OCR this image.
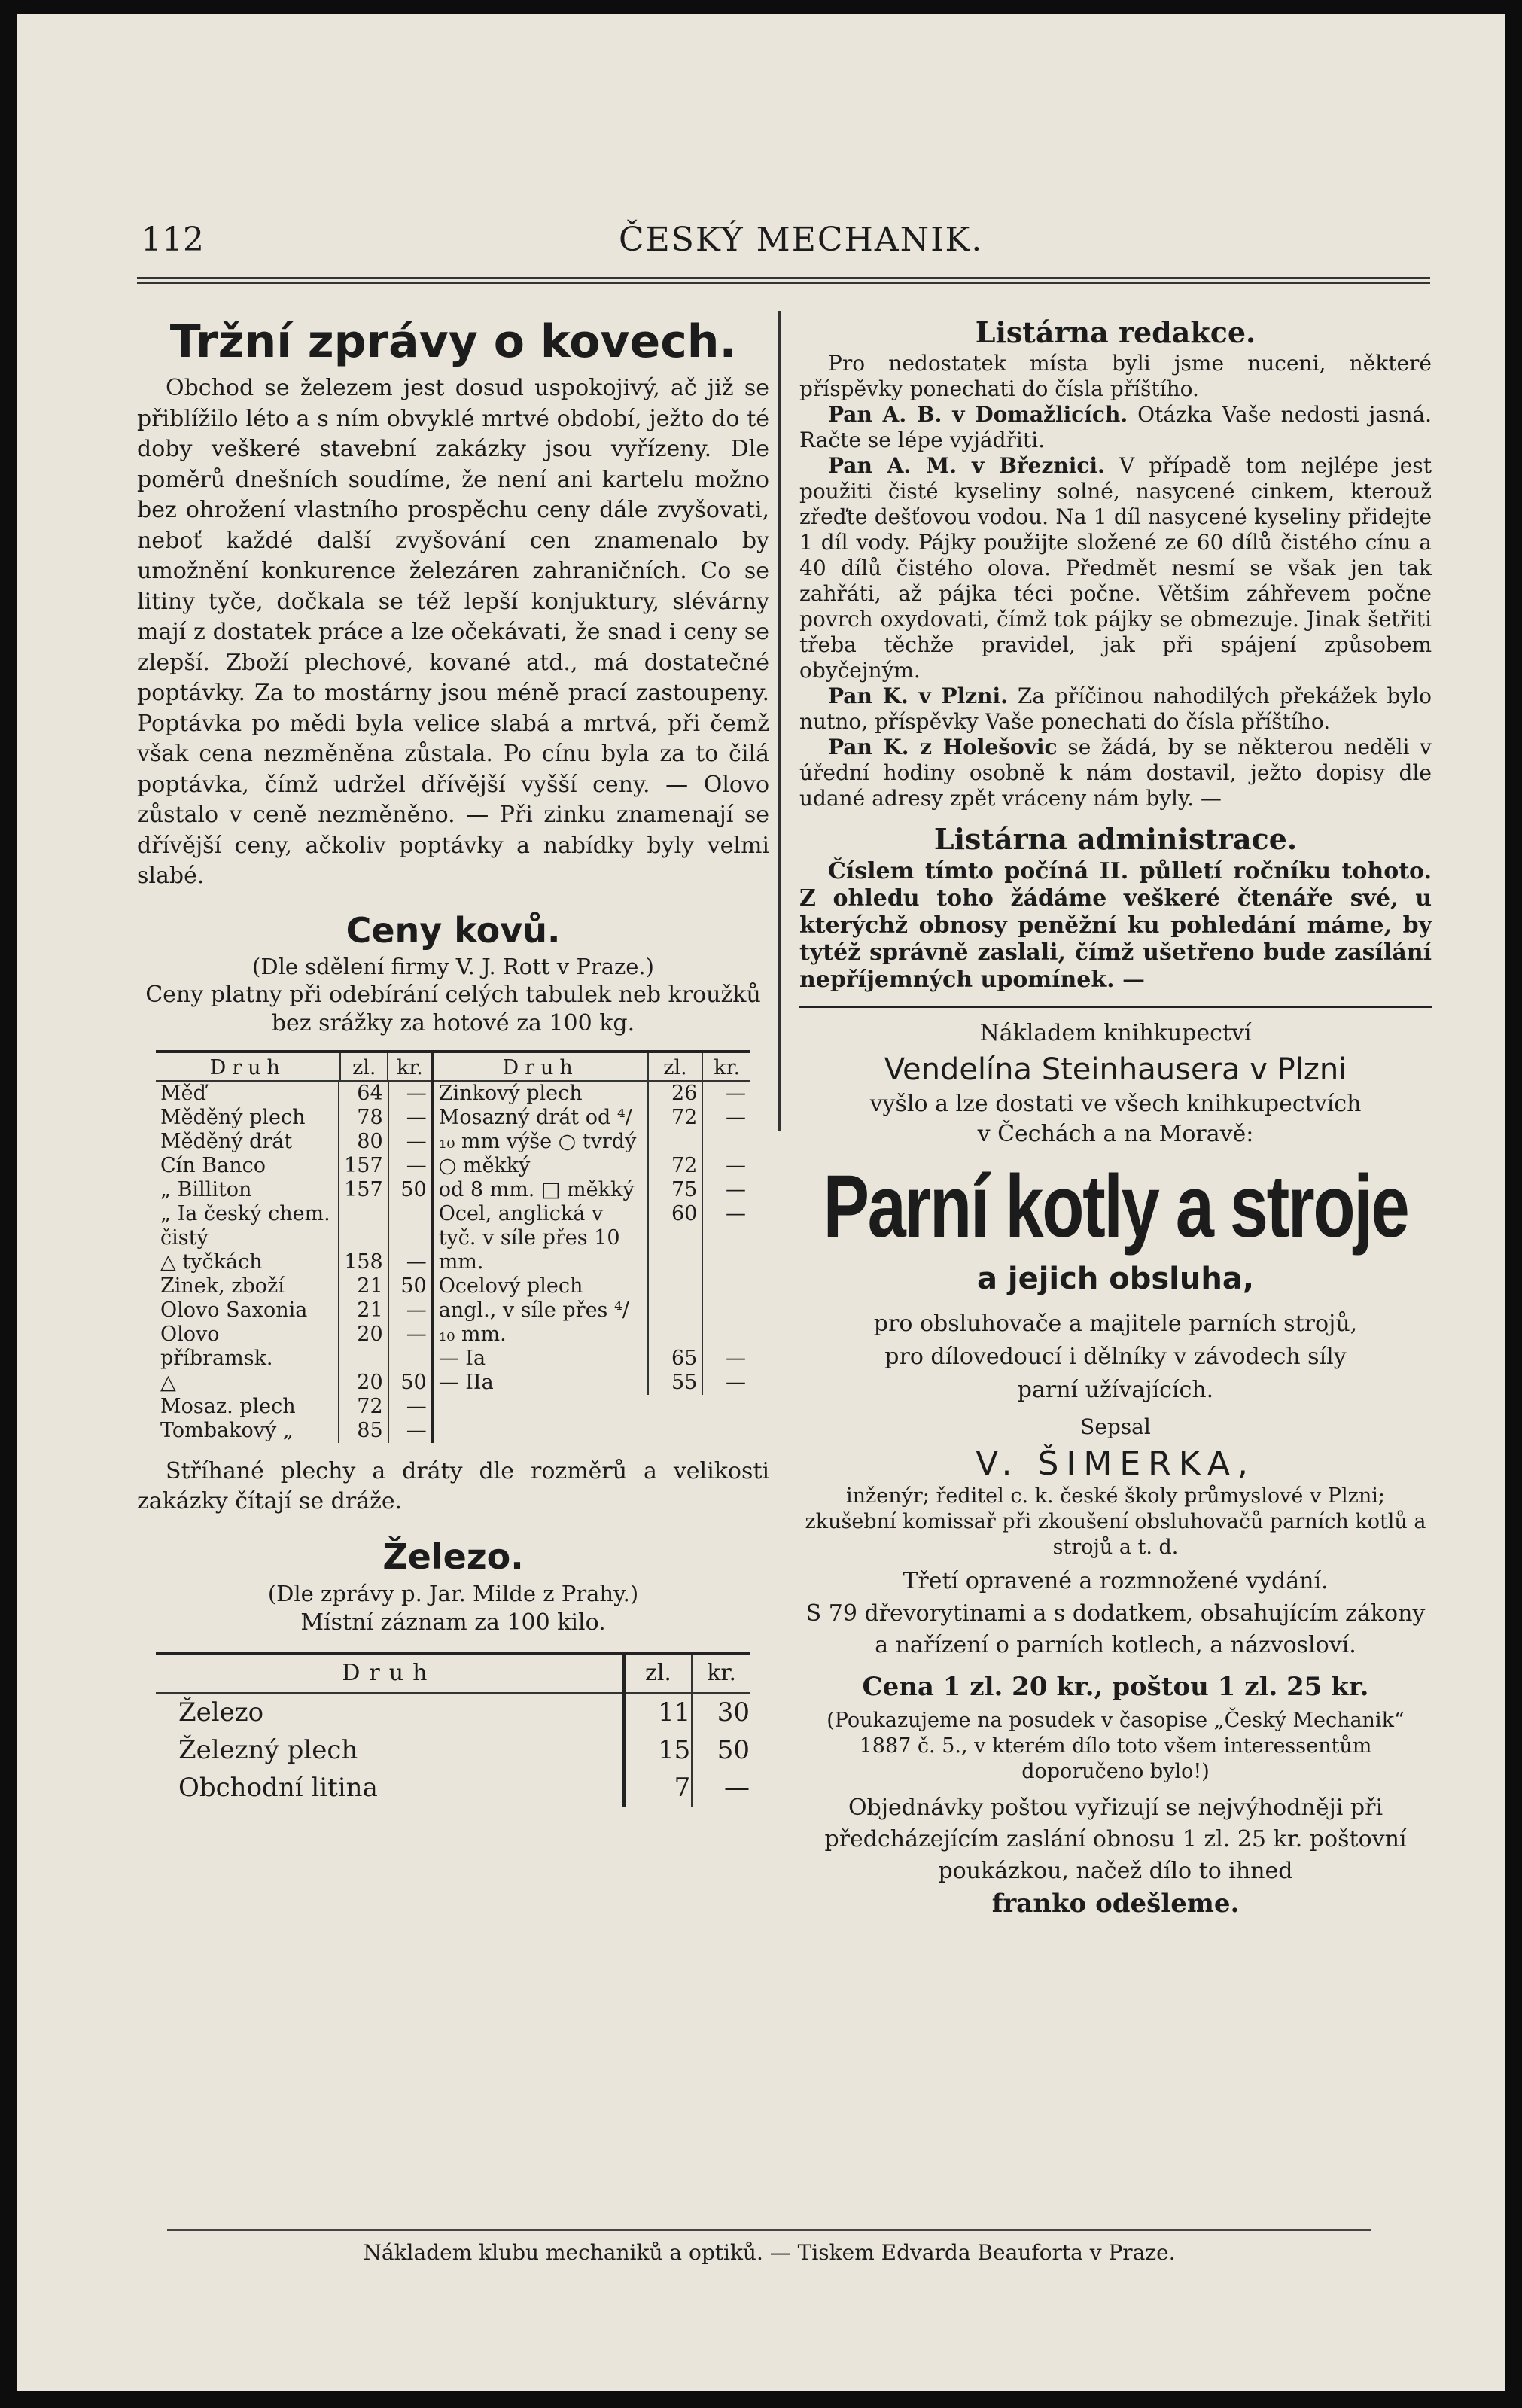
112	ČESKÝ MECHANIK.
Tržní zprávy o kovech.

Obchod se železem jest dosud uspokojivý, ač již se přiblížilo léto a s ním obvyklé mrtvé období, ježto do té doby veškeré stavební zakázky jsou vyřízeny. Dle poměrů dnešních soudíme, že není ani kartelu možno bez ohrožení vlastního prospěchu ceny dále zvyšovati, neboť každé další zvyšování cen znamenalo by umožnění konkurence železáren zahraničních. Co se litiny tyče, dočkala se též lepší konjuktury, slévárny mají z dostatek práce a lze očekávati, že snad i ceny se zlepší. Zboží plechové, kované atd., má dostatečné poptávky. Za to mostárny jsou méně prací zastoupeny. Poptávka po mědi byla velice slabá a mrtvá, při čemž však cena nezměněna zůstala. Po cínu byla za to čilá poptávka, čímž udržel dřívější vyšší ceny. — Olovo zůstalo v ceně nezměněno. — Při zinku znamenají se dřívější ceny, ačkoliv poptávky a nabídky byly velmi slabé.

Ceny kovů.
(Dle sdělení firmy V. J. Rott v Praze.)
Ceny platny při odebírání celých tabulek neb kroužků bez srážky za hotové za 100 kg.
Druh	zl.	kr.	Druh	zl.	kr.

Měď	64	—
Měděný plech	78	—
Měděný drát	80	—
Cín Banco	157	—
„ Billiton	157	50
„ Ia český chem. čistý		
△ tyčkách	158	—
Zinek, zboží	21	50
Olovo Saxonia	21	—
Olovo příbramsk.	20	—
△	20	50
Mosaz. plech	72	—
Tombakový „	85	—

Zinkový plech	26	—
Mosazný drát od ⁴/₁₀ mm výše ○ tvrdý	72	—
○ měkký	72	—
od 8 mm. □ měkký	75	—
Ocel, anglická v tyč. v síle přes 10 mm.	60	—
Ocelový plech angl., v síle přes ⁴/₁₀ mm.		
— Ia	65	—
— IIa	55	—

Stříhané plechy a dráty dle rozměrů a velikosti zakázky čítají se dráže.

Železo.
(Dle zprávy p. Jar. Milde z Prahy.)
Místní záznam za 100 kilo.
Druh	zl.	kr.
Železo	11	30
Železný plech	15	50
Obchodní litina	7	—
Listárna redakce.

Pro nedostatek místa byli jsme nuceni, některé příspěvky ponechati do čísla příštího.

Pan A. B. v Domažlicích. Otázka Vaše nedosti jasná. Račte se lépe vyjádřiti.

Pan A. M. v Březnici. V případě tom nejlépe jest použiti čisté kyseliny solné, nasycené cinkem, kterouž zřeďte dešťovou vodou. Na 1 díl nasycené kyseliny přidejte 1 díl vody. Pájky použijte složené ze 60 dílů čistého cínu a 40 dílů čistého olova. Předmět nesmí se však jen tak zahřáti, až pájka téci počne. Většim záhřevem počne povrch oxydovati, čímž tok pájky se obmezuje. Jinak šetřiti třeba těchže pravidel, jak při spájení způsobem obyčejným.

Pan K. v Plzni. Za příčinou nahodilých překážek bylo nutno, příspěvky Vaše ponechati do čísla příštího.

Pan K. z Holešovic se žádá, by se některou neděli v úřední hodiny osobně k nám dostavil, ježto dopisy dle udané adresy zpět vráceny nám byly. —

Listárna administrace.

Číslem tímto počíná II. půlletí ročníku tohoto. Z ohledu toho žádáme veškeré čtenáře své, u kterýchž obnosy peněžní ku pohledání máme, by tytéž správně zaslali, čímž ušetřeno bude zasílání nepříjemných upomínek. —

Nákladem knihkupectví
Vendelína Steinhausera v Plzni
vyšlo a lze dostati ve všech knihkupectvích
v Čechách a na Moravě:
Parní kotly a stroje
a jejich obsluha,
pro obsluhovače a majitele parních strojů,
pro dílovedoucí i dělníky v závodech síly
parní užívajících.
Sepsal
V. ŠIMERKA,
inženýr; ředitel c. k. české školy průmyslové v Plzni; zkušební komissař při zkoušení obsluhovačů parních kotlů a strojů a t. d.
Třetí opravené a rozmnožené vydání.
S 79 dřevorytinami a s dodatkem, obsahujícím zákony a nařízení o parních kotlech, a názvosloví.
Cena 1 zl. 20 kr., poštou 1 zl. 25 kr.
(Poukazujeme na posudek v časopise „Český Mechanik“ 1887 č. 5., v kterém dílo toto všem interessentům doporučeno bylo!)
Objednávky poštou vyřizují se nejvýhodněji při předcházejícím zaslání obnosu 1 zl. 25 kr. poštovní poukázkou, načež dílo to ihned
franko odešleme.
Nákladem klubu mechaniků a optiků. — Tiskem Edvarda Beauforta v Praze.
